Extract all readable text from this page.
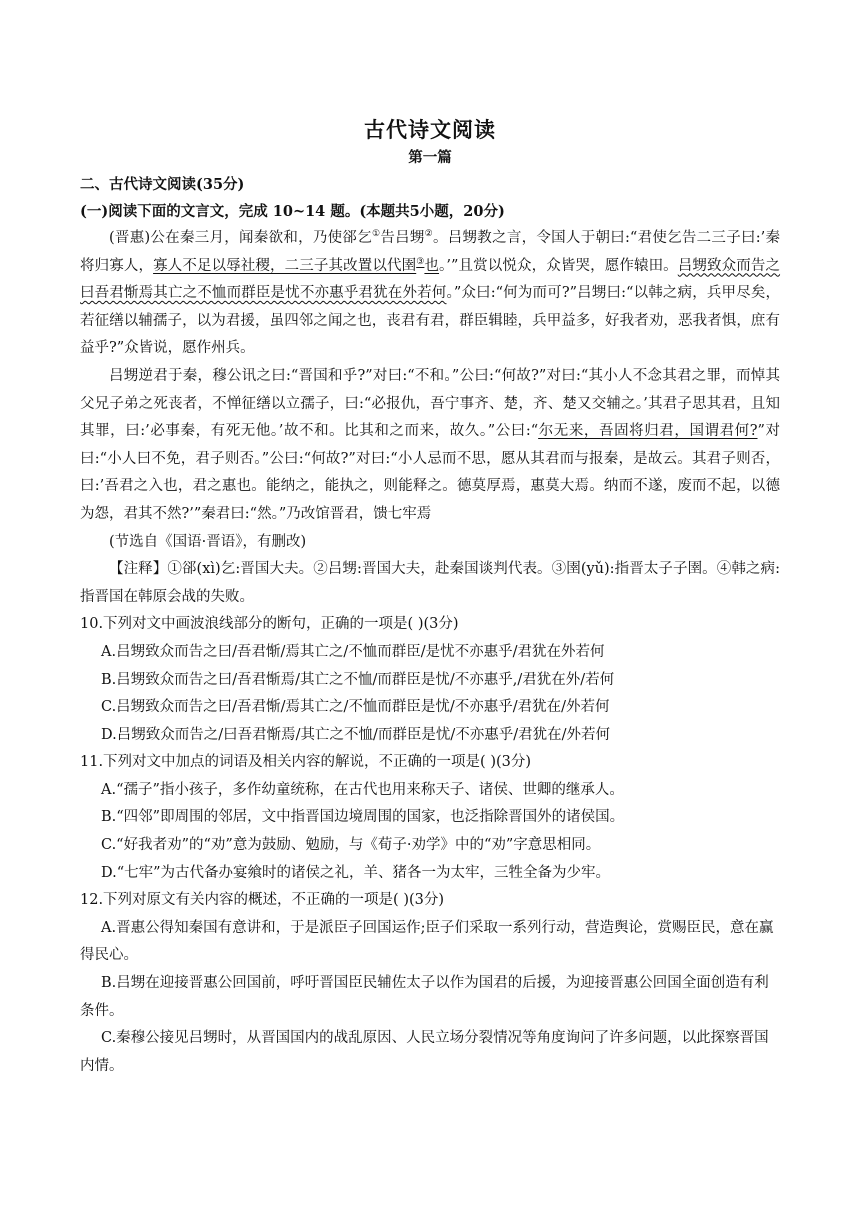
古代诗文阅读
第一篇
二、古代诗文阅读(35分)
(一)阅读下面的文言文，完成 10~14 题。(本题共5小题，20分)

(晋惠)公在秦三月，闻秦欲和，乃使郤乞①告吕甥②。吕甥教之言，令国人于朝曰:“君使乞告二三子曰:’秦将归寡人，寡人不足以辱社稷，二三子其改置以代圉③也。’”且赏以悦众，众皆哭，愿作辕田。吕甥致众而告之曰吾君惭焉其亡之不恤而群臣是忧不亦惠乎君犹在外若何。”众曰:“何为而可?”吕甥曰:“以韩之病，兵甲尽矣，若征缮以辅孺子，以为君援，虽四邻之闻之也，丧君有君，群臣辑睦，兵甲益多，好我者劝，恶我者惧，庶有益乎?”众皆说，愿作州兵。

吕甥逆君于秦，穆公讯之曰:“晋国和乎?”对曰:“不和。”公曰:“何故?”对曰:“其小人不念其君之罪，而悼其父兄子弟之死丧者，不惮征缮以立孺子，曰:“必报仇，吾宁事齐、楚，齐、楚又交辅之。’其君子思其君，且知其罪，曰:’必事秦，有死无他。’故不和。比其和之而来，故久。”公曰:“尔无来，吾固将归君，国谓君何?”对曰:“小人曰不免，君子则否。”公曰:“何故?”对曰:“小人忌而不思，愿从其君而与报秦，是故云。其君子则否，曰:’吾君之入也，君之惠也。能纳之，能执之，则能释之。德莫厚焉，惠莫大焉。纳而不遂，废而不起，以德为怨，君其不然?’”秦君曰:“然。”乃改馆晋君，馈七牢焉

(节选自《国语·晋语》，有删改)

【注释】①郤(xì)乞:晋国大夫。②吕甥:晋国大夫，赴秦国谈判代表。③圉(yǔ):指晋太子子圉。④韩之病:指晋国在韩原会战的失败。

10.下列对文中画波浪线部分的断句，正确的一项是( )(3分)

A.吕甥致众而告之曰/吾君惭/焉其亡之/不恤而群臣/是忧不亦惠乎/君犹在外若何

B.吕甥致众而告之曰/吾君惭焉/其亡之不恤/而群臣是忧/不亦惠乎,/君犹在外/若何

C.吕甥致众而告之曰/吾君惭/焉其亡之/不恤而群臣是忧/不亦惠乎/君犹在/外若何

D.吕甥致众而告之/曰吾君惭焉/其亡之不恤/而群臣是忧/不亦惠乎/君犹在/外若何

11.下列对文中加点的词语及相关内容的解说，不正确的一项是( )(3分)

A.“孺子”指小孩子，多作幼童统称，在古代也用来称天子、诸侯、世卿的继承人。

B.“四邻”即周围的邻居，文中指晋国边境周围的国家，也泛指除晋国外的诸侯国。

C.“好我者劝”的“劝”意为鼓励、勉励，与《荀子·劝学》中的“劝”字意思相同。

D.“七牢”为古代备办宴飨时的诸侯之礼，羊、猪各一为太牢，三牲全备为少牢。

12.下列对原文有关内容的概述，不正确的一项是( )(3分)

A.晋惠公得知秦国有意讲和，于是派臣子回国运作;臣子们采取一系列行动，营造舆论，赏赐臣民，意在赢得民心。

B.吕甥在迎接晋惠公回国前，呼吁晋国臣民辅佐太子以作为国君的后援，为迎接晋惠公回国全面创造有利条件。

C.秦穆公接见吕甥时，从晋国国内的战乱原因、人民立场分裂情况等角度询问了许多问题，以此探察晋国内情。
